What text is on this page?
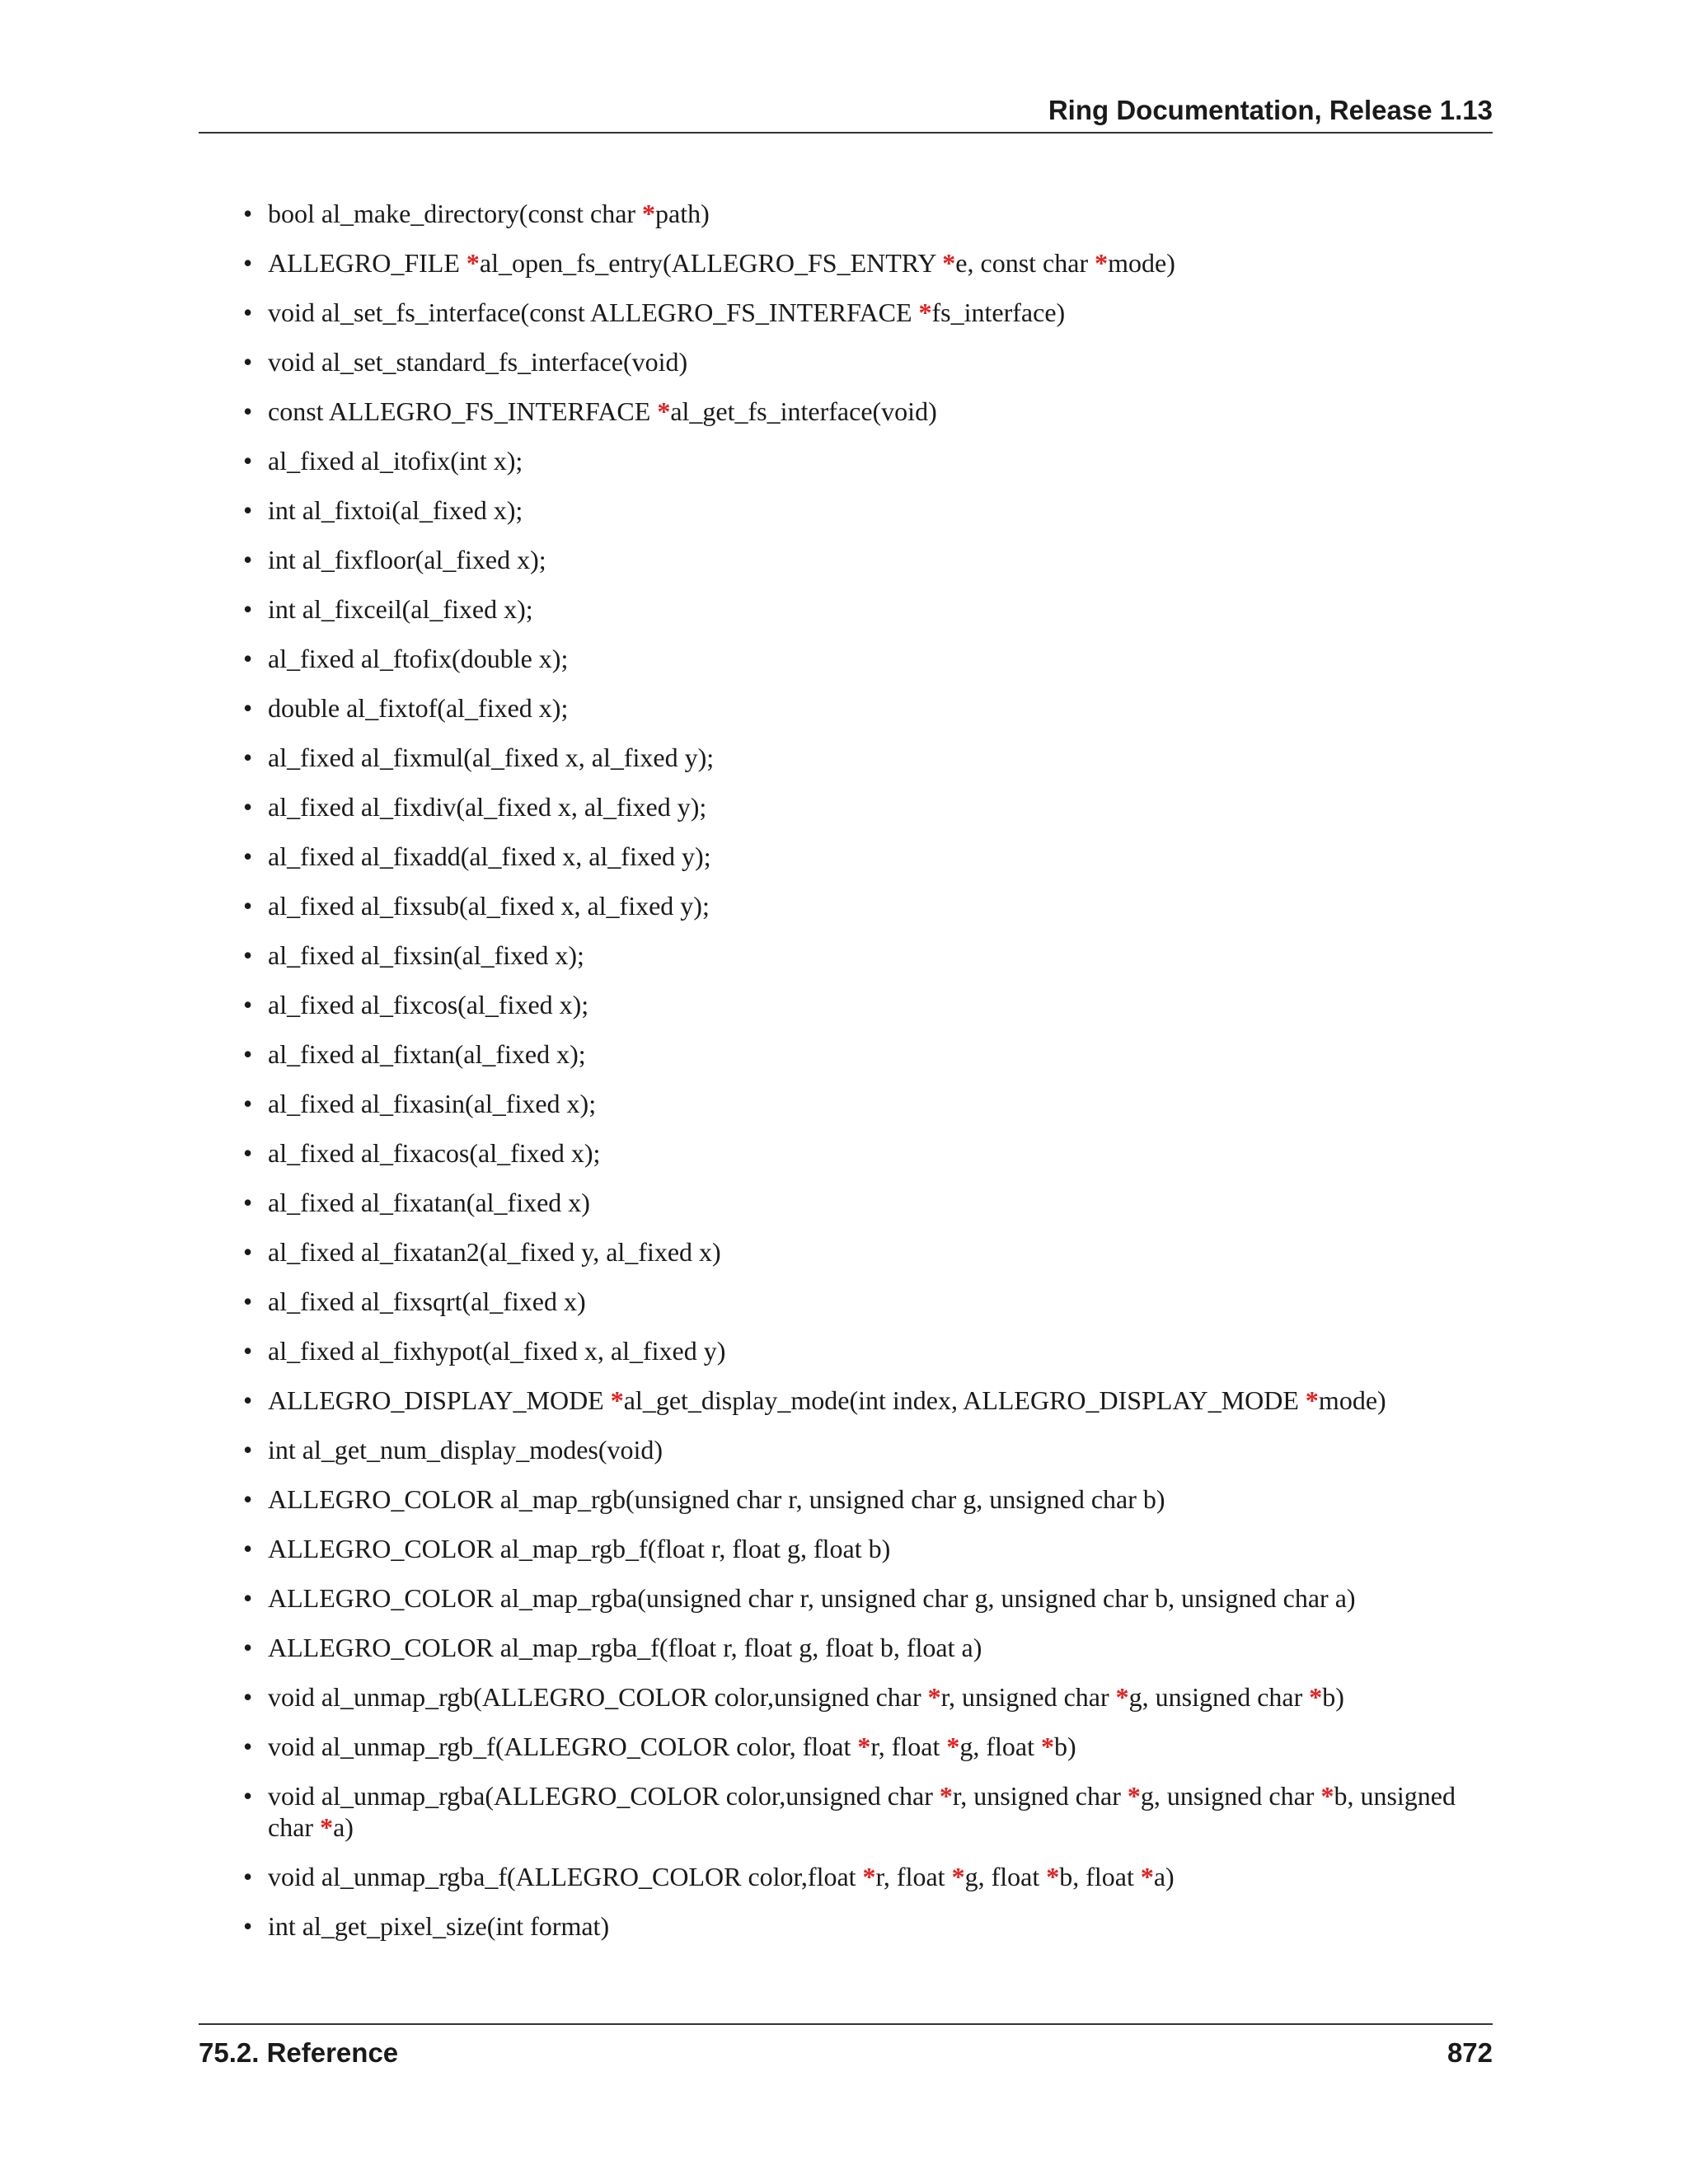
Ring Documentation, Release 1.13
• bool al_make_directory(const char *path)
• ALLEGRO_FILE *al_open_fs_entry(ALLEGRO_FS_ENTRY *e, const char *mode)
• void al_set_fs_interface(const ALLEGRO_FS_INTERFACE *fs_interface)
• void al_set_standard_fs_interface(void)
• const ALLEGRO_FS_INTERFACE *al_get_fs_interface(void)
• al_fixed al_itofix(int x);
• int al_fixtoi(al_fixed x);
• int al_fixfloor(al_fixed x);
• int al_fixceil(al_fixed x);
• al_fixed al_ftofix(double x);
• double al_fixtof(al_fixed x);
• al_fixed al_fixmul(al_fixed x, al_fixed y);
• al_fixed al_fixdiv(al_fixed x, al_fixed y);
• al_fixed al_fixadd(al_fixed x, al_fixed y);
• al_fixed al_fixsub(al_fixed x, al_fixed y);
• al_fixed al_fixsin(al_fixed x);
• al_fixed al_fixcos(al_fixed x);
• al_fixed al_fixtan(al_fixed x);
• al_fixed al_fixasin(al_fixed x);
• al_fixed al_fixacos(al_fixed x);
• al_fixed al_fixatan(al_fixed x)
• al_fixed al_fixatan2(al_fixed y, al_fixed x)
• al_fixed al_fixsqrt(al_fixed x)
• al_fixed al_fixhypot(al_fixed x, al_fixed y)
• ALLEGRO_DISPLAY_MODE *al_get_display_mode(int index, ALLEGRO_DISPLAY_MODE *mode)
• int al_get_num_display_modes(void)
• ALLEGRO_COLOR al_map_rgb(unsigned char r, unsigned char g, unsigned char b)
• ALLEGRO_COLOR al_map_rgb_f(float r, float g, float b)
• ALLEGRO_COLOR al_map_rgba(unsigned char r, unsigned char g, unsigned char b, unsigned char a)
• ALLEGRO_COLOR al_map_rgba_f(float r, float g, float b, float a)
• void al_unmap_rgb(ALLEGRO_COLOR color,unsigned char *r, unsigned char *g, unsigned char *b)
• void al_unmap_rgb_f(ALLEGRO_COLOR color, float *r, float *g, float *b)
• void al_unmap_rgba(ALLEGRO_COLOR color,unsigned char *r, unsigned char *g, unsigned char *b, unsigned char *a)
• void al_unmap_rgba_f(ALLEGRO_COLOR color,float *r, float *g, float *b, float *a)
• int al_get_pixel_size(int format)
75.2. Reference	872
